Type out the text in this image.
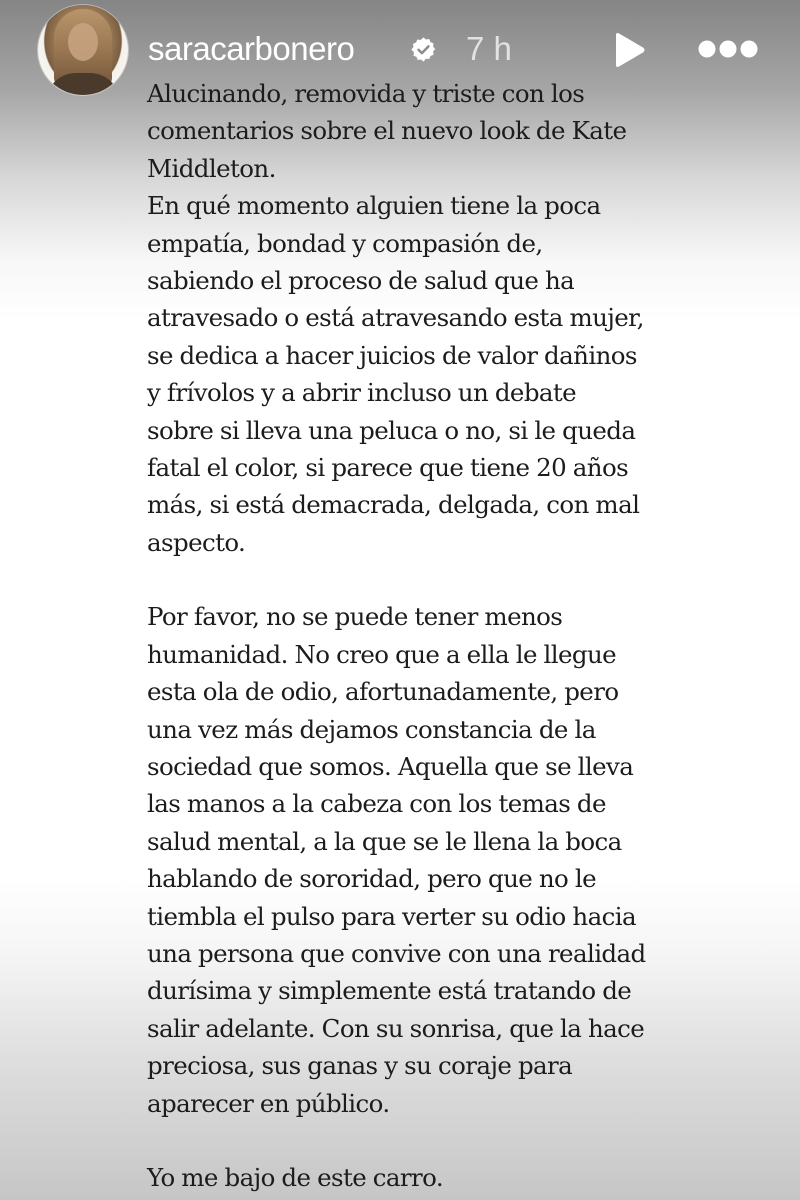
saracarbonero	7 h
Alucinando, removida y triste con los
comentarios sobre el nuevo look de Kate
Middleton.
En qué momento alguien tiene la poca
empatía, bondad y compasión de,
sabiendo el proceso de salud que ha
atravesado o está atravesando esta mujer,
se dedica a hacer juicios de valor dañinos
y frívolos y a abrir incluso un debate
sobre si lleva una peluca o no, si le queda
fatal el color, si parece que tiene 20 años
más, si está demacrada, delgada, con mal
aspecto.
Por favor, no se puede tener menos
humanidad. No creo que a ella le llegue
esta ola de odio, afortunadamente, pero
una vez más dejamos constancia de la
sociedad que somos. Aquella que se lleva
las manos a la cabeza con los temas de
salud mental, a la que se le llena la boca
hablando de sororidad, pero que no le
tiembla el pulso para verter su odio hacia
una persona que convive con una realidad
durísima y simplemente está tratando de
salir adelante. Con su sonrisa, que la hace
preciosa, sus ganas y su coraje para
aparecer en público.
Yo me bajo de este carro.
